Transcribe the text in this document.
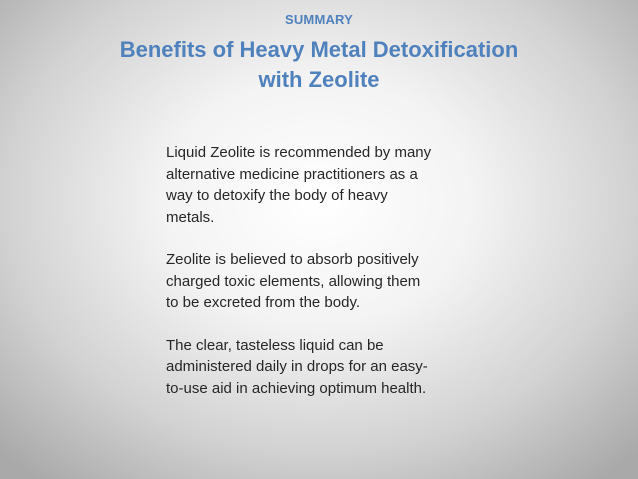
SUMMARY
Benefits of Heavy Metal Detoxification
with Zeolite

Liquid Zeolite is recommended by many
alternative medicine practitioners as a
way to detoxify the body of heavy
metals.

Zeolite is believed to absorb positively
charged toxic elements, allowing them
to be excreted from the body.

The clear, tasteless liquid can be
administered daily in drops for an easy-
to-use aid in achieving optimum health.
